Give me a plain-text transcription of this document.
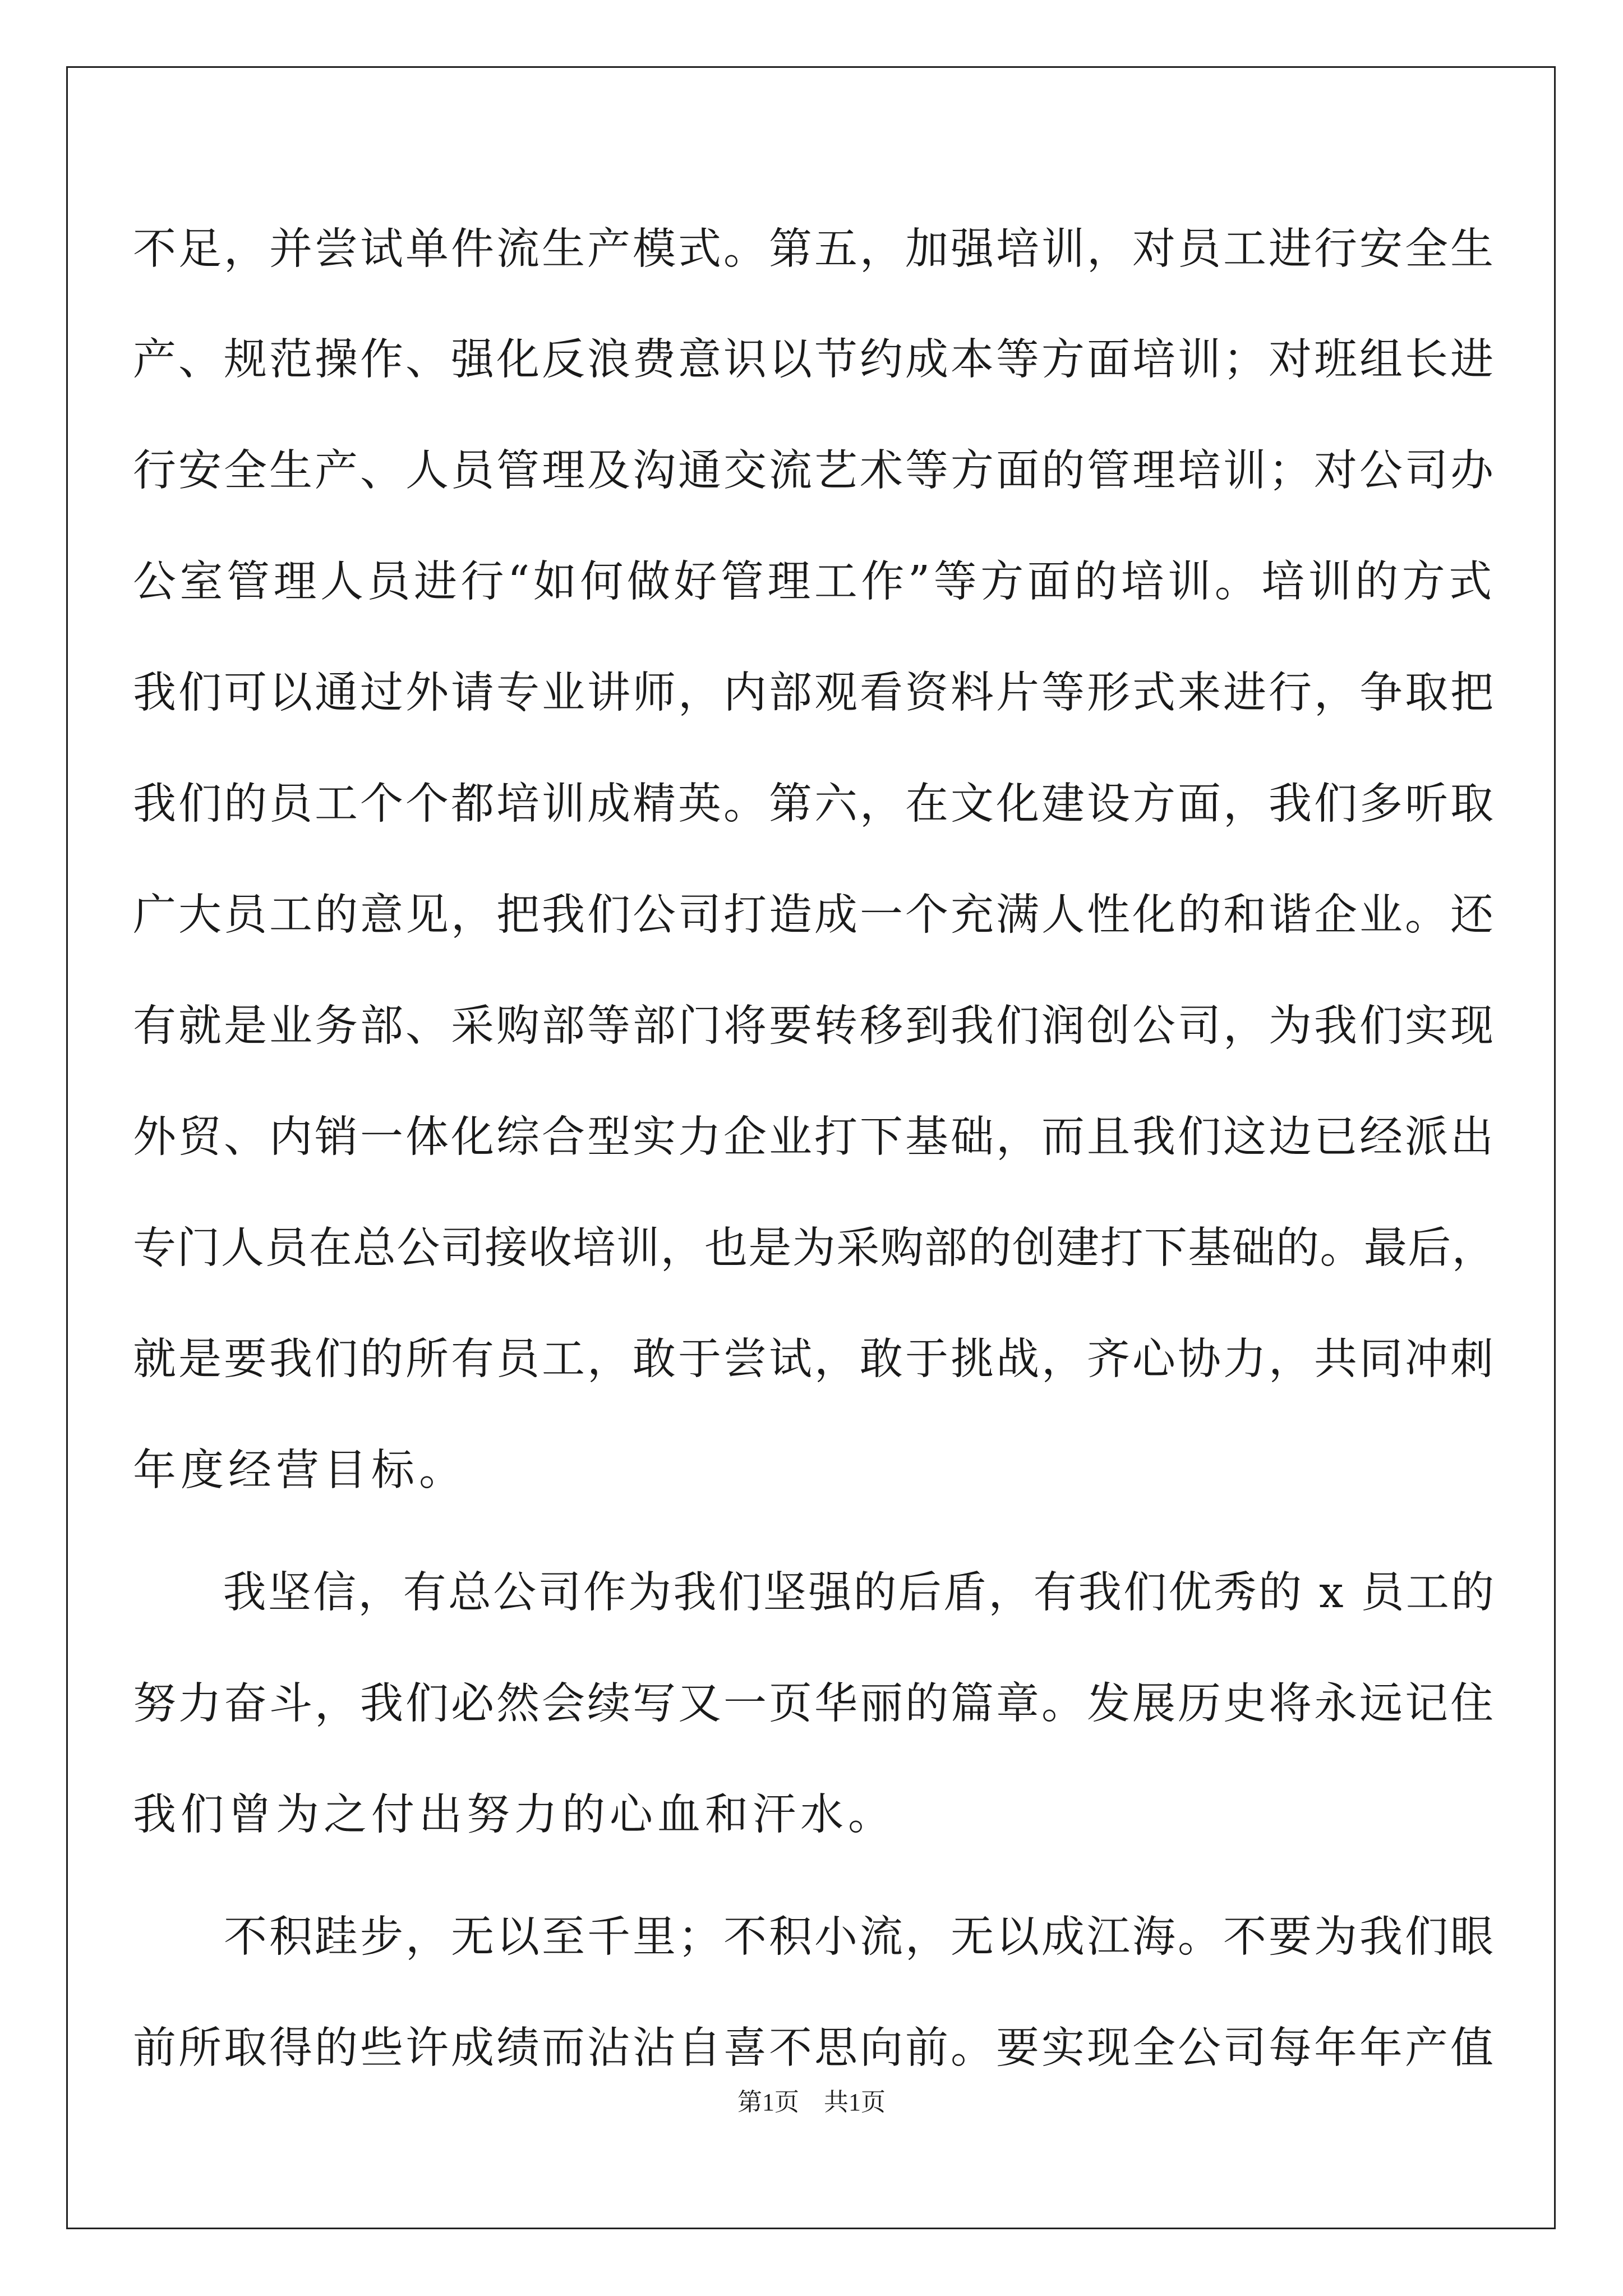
不足，并尝试单件流生产模式。第五，加强培训，对员工进行安全生
产、规范操作、强化反浪费意识以节约成本等方面培训；对班组长进
行安全生产、人员管理及沟通交流艺术等方面的管理培训；对公司办
公室管理人员进行“如何做好管理工作”等方面的培训。培训的方式
我们可以通过外请专业讲师，内部观看资料片等形式来进行，争取把
我们的员工个个都培训成精英。第六，在文化建设方面，我们多听取
广大员工的意见，把我们公司打造成一个充满人性化的和谐企业。还
有就是业务部、采购部等部门将要转移到我们润创公司，为我们实现
外贸、内销一体化综合型实力企业打下基础，而且我们这边已经派出
专门人员在总公司接收培训，也是为采购部的创建打下基础的。最后，
就是要我们的所有员工，敢于尝试，敢于挑战，齐心协力，共同冲刺
年度经营目标。
　　我坚信，有总公司作为我们坚强的后盾，有我们优秀的 x 员工的
努力奋斗，我们必然会续写又一页华丽的篇章。发展历史将永远记住
我们曾为之付出努力的心血和汗水。
　　不积跬步，无以至千里；不积小流，无以成江海。不要为我们眼
前所取得的些许成绩而沾沾自喜不思向前。要实现全公司每年年产值
第1页　共1页
